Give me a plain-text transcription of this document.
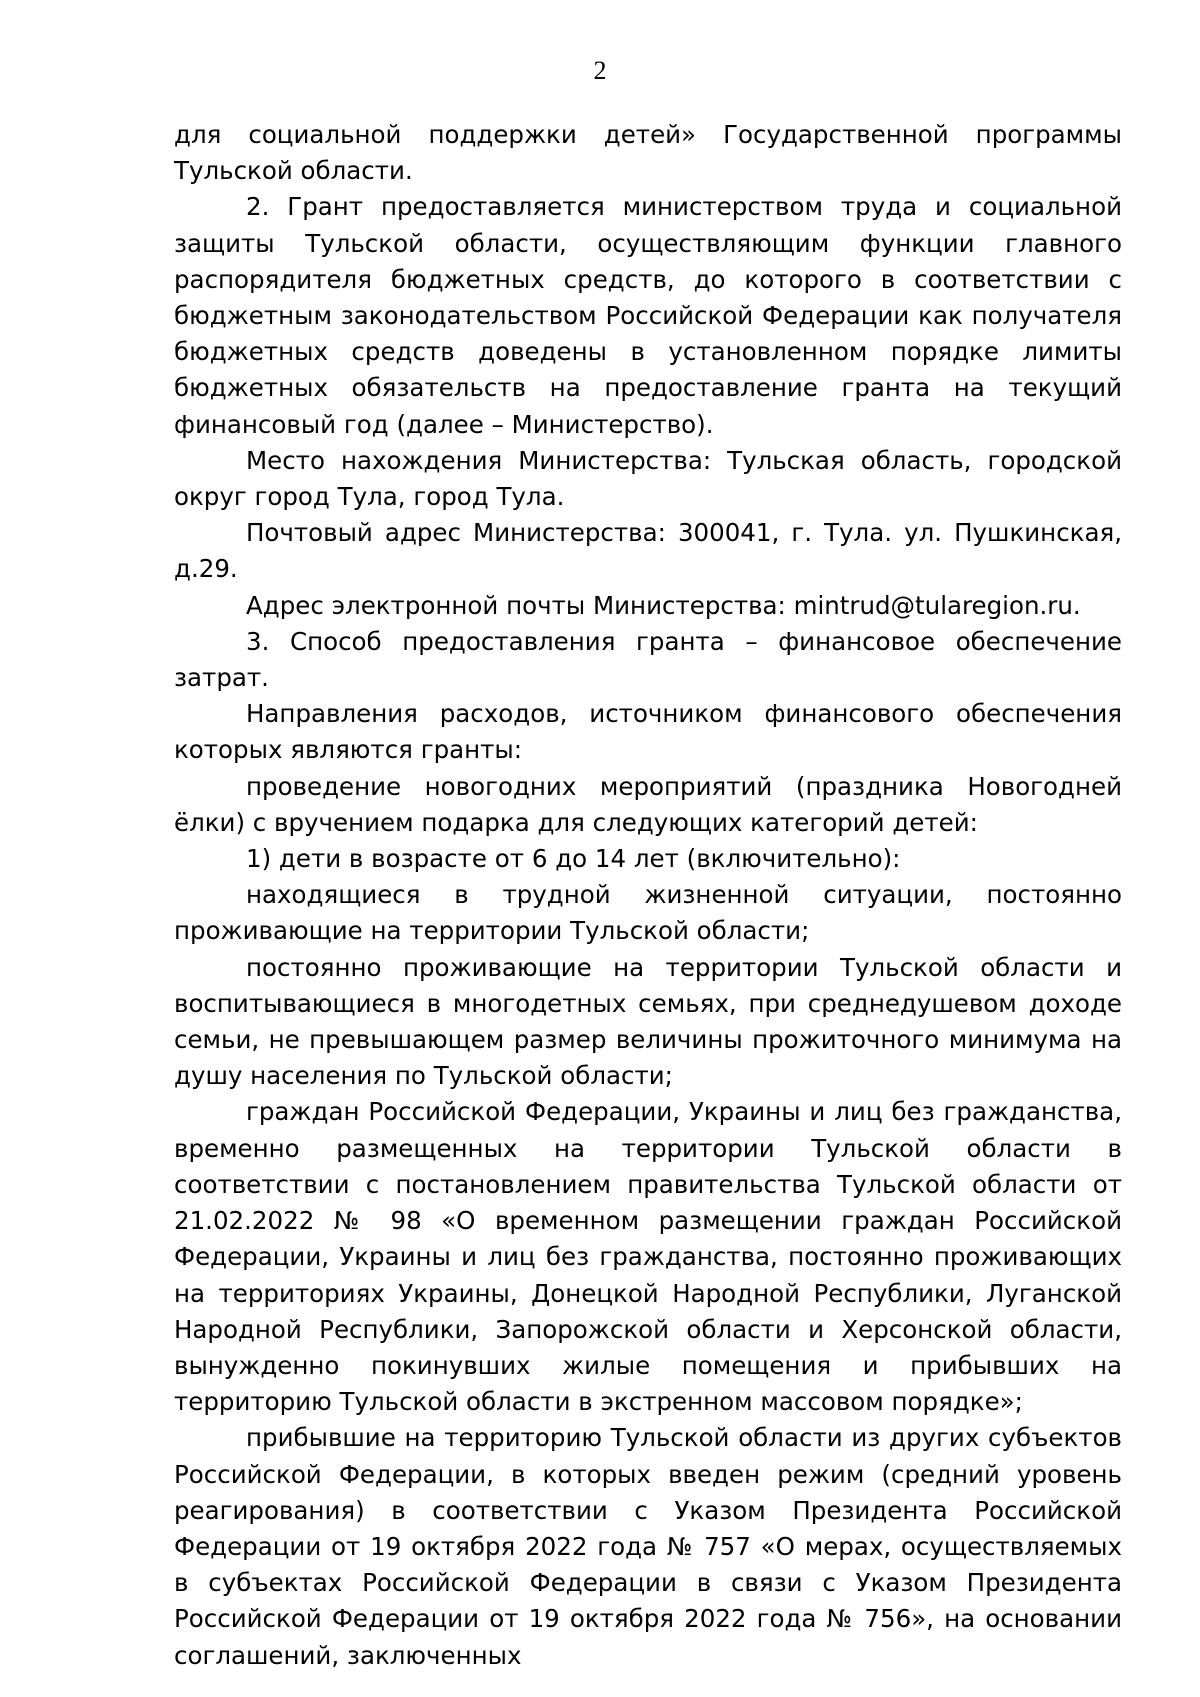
2

для социальной поддержки детей» Государственной программы Тульской области.

2. Грант предоставляется министерством труда и социальной защиты Тульской области, осуществляющим функции главного распорядителя бюджетных средств, до которого в соответствии с бюджетным законодательством Российской Федерации как получателя бюджетных средств доведены в установленном порядке лимиты бюджетных обязательств на предоставление гранта на текущий финансовый год (далее – Министерство).

Место нахождения Министерства: Тульская область, городской округ город Тула, город Тула.

Почтовый адрес Министерства: 300041, г. Тула. ул. Пушкинская, д.29.

Адрес электронной почты Министерства: mintrud@tularegion.ru.

3. Способ предоставления гранта – финансовое обеспечение затрат.

Направления расходов, источником финансового обеспечения которых являются гранты:

проведение новогодних мероприятий (праздника Новогодней ёлки) с вручением подарка для следующих категорий детей:

1) дети в возрасте от 6 до 14 лет (включительно):

находящиеся в трудной жизненной ситуации, постоянно проживающие на территории Тульской области;

постоянно проживающие на территории Тульской области и воспитывающиеся в многодетных семьях, при среднедушевом доходе семьи, не превышающем размер величины прожиточного минимума на душу населения по Тульской области;

граждан Российской Федерации, Украины и лиц без гражданства, временно размещенных на территории Тульской области в соответствии с постановлением правительства Тульской области от 21.02.2022 № 98 «О временном размещении граждан Российской Федерации, Украины и лиц без гражданства, постоянно проживающих на территориях Украины, Донецкой Народной Республики, Луганской Народной Республики, Запорожской области и Херсонской области, вынужденно покинувших жилые помещения и прибывших на территорию Тульской области в экстренном массовом порядке»;

прибывшие на территорию Тульской области из других субъектов Российской Федерации, в которых введен режим (средний уровень реагирования) в соответствии с Указом Президента Российской Федерации от 19 октября 2022 года № 757 «О мерах, осуществляемых в субъектах Российской Федерации в связи с Указом Президента Российской Федерации от 19 октября 2022 года № 756», на основании соглашений, заключенных
